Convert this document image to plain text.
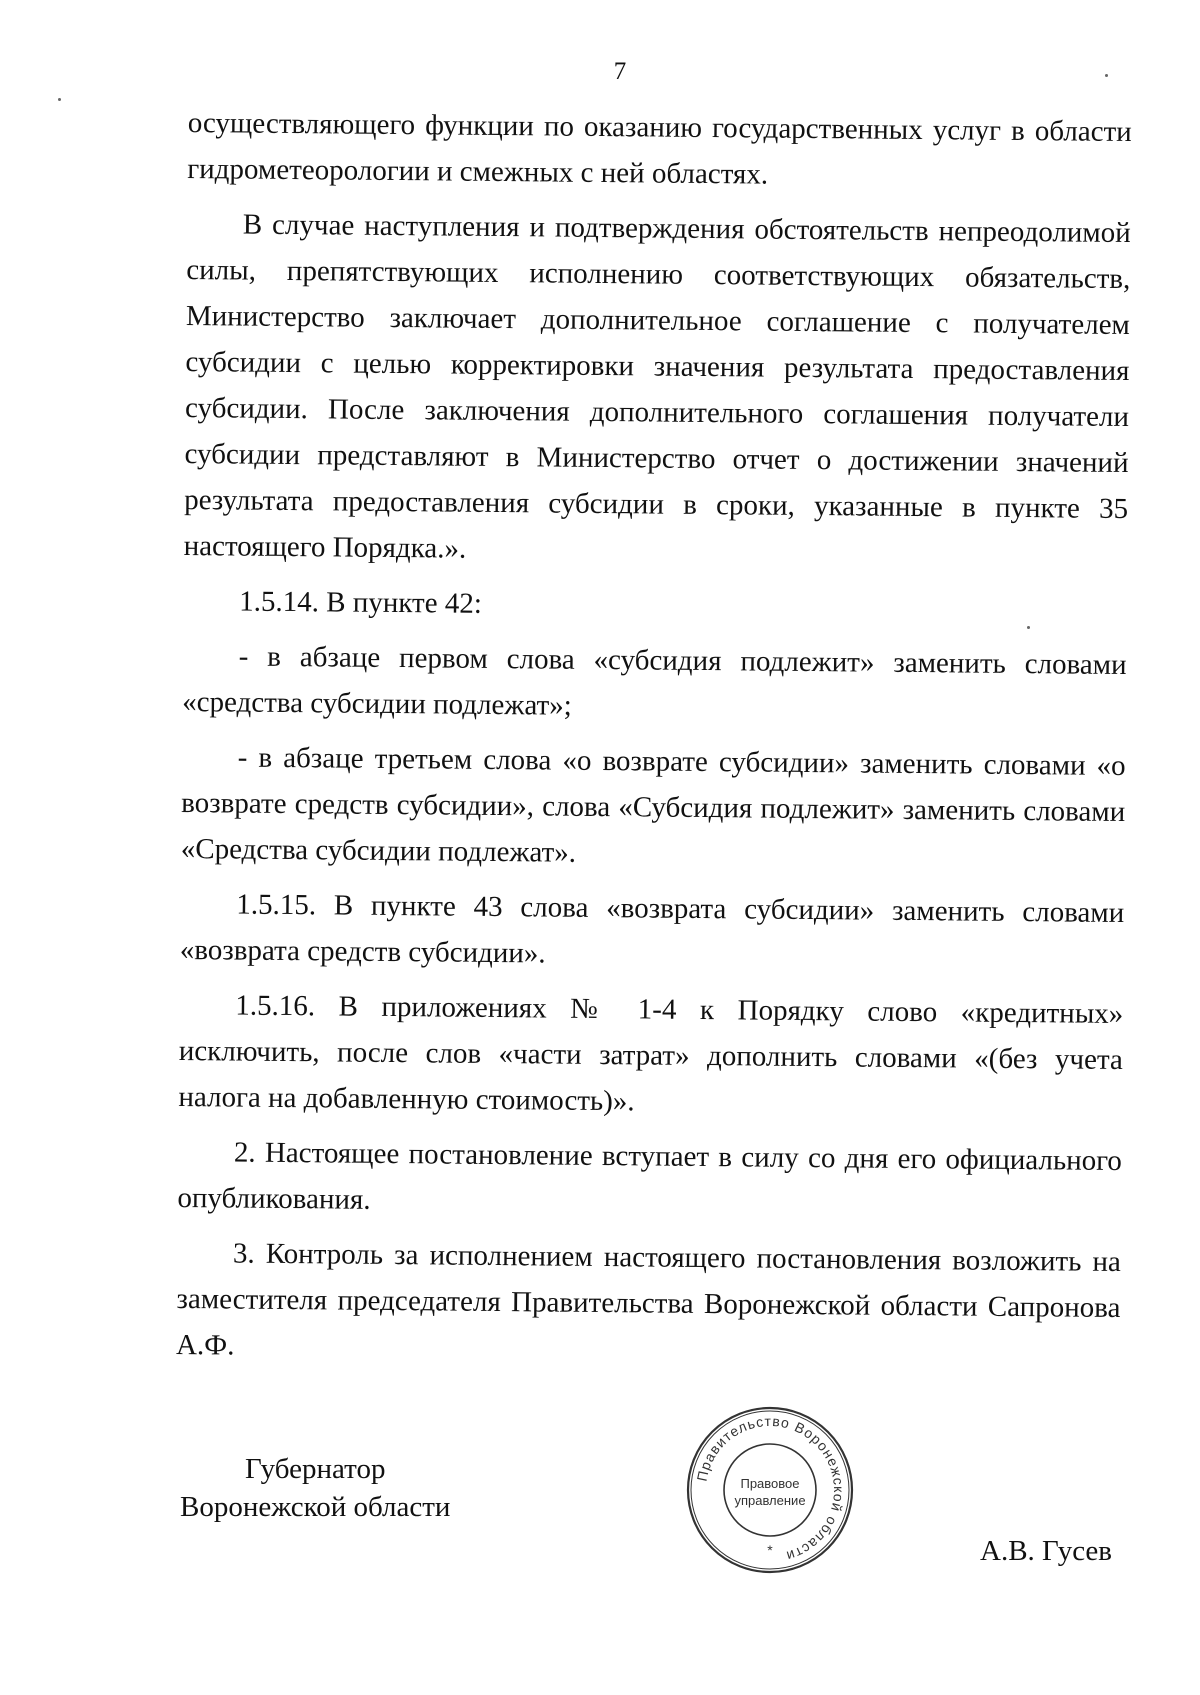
7

осуществляющего функции по оказанию государственных услуг в области гидрометеорологии и смежных с ней областях.

В случае наступления и подтверждения обстоятельств непреодолимой силы, препятствующих исполнению соответствующих обязательств, Министерство заключает дополнительное соглашение с получателем субсидии с целью корректировки значения результата предоставления субсидии. После заключения дополнительного соглашения получатели субсидии представляют в Министерство отчет о достижении значений результата предоставления субсидии в сроки, указанные в пункте 35 настоящего Порядка.».

1.5.14. В пункте 42:

- в абзаце первом слова «субсидия подлежит» заменить словами «средства субсидии подлежат»;

- в абзаце третьем слова «о возврате субсидии» заменить словами «о возврате средств субсидии», слова «Субсидия подлежит» заменить словами «Средства субсидии подлежат».

1.5.15. В пункте 43 слова «возврата субсидии» заменить словами «возврата средств субсидии».

1.5.16. В приложениях № 1-4 к Порядку слово «кредитных» исключить, после слов «части затрат» дополнить словами «(без учета налога на добавленную стоимость)».

2. Настоящее постановление вступает в силу со дня его официального опубликования.

3. Контроль за исполнением настоящего постановления возложить на заместителя председателя Правительства Воронежской области Сапронова А.Ф.

Губернатор
Воронежской области
Правительство Воронежской области
Правовое
управление
*	А.В. Гусев
